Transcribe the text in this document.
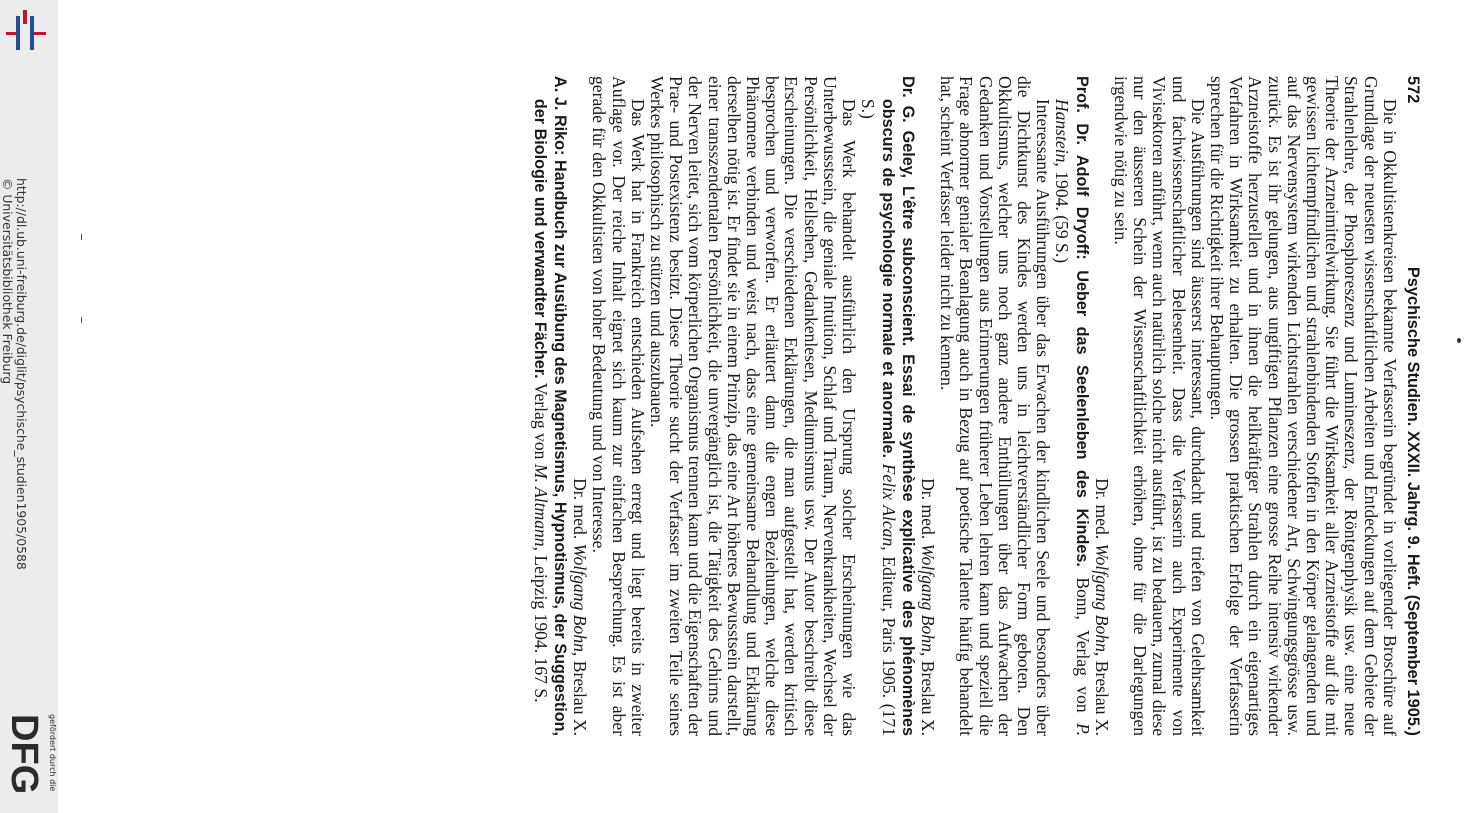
http://dl.ub.uni-freiburg.de/diglit/psychische_studien1905/0588
© Universitätsbibliothek Freiburg
gefördert durch die
DFG
572
Psychische Studien. XXXII. Jahrg. 9. Heft. (September 1905.)

Die in Okkultistenkreisen bekannte Verfasserin begründet in vorliegender Broschüre auf Grundlage der neuesten wissenschaftlichen Arbeiten und Entdeckungen auf dem Gebiete der Strahlenlehre, der Phosphoreszenz und Lumineszenz, der Röntgenphysik usw. eine neue Theorie der Arzneimittelwirkung. Sie führt die Wirksamkeit aller Arzneistoffe auf die mit gewissen lichtempfindlichen und strahlenbindenden Stoffen in den Körper gelangenden und auf das Nervensystem wirkenden Lichtstrahlen verschiedener Art, Schwingungsgrösse usw. zurück. Es ist ihr gelungen, aus ungiftigen Pflanzen eine grosse Reihe intensiv wirkender Arzneistoffe herzustellen und in ihnen die heilkräftiger Strahlen durch ein eigenartiges Verfahren in Wirksamkeit zu erhalten. Die grossen praktischen Erfolge der Verfasserin sprechen für die Richtigkeit ihrer Behauptungen.

Die Ausführungen sind äusserst interessant, durchdacht und triefen von Gelehrsamkeit und fachwissenschaftlicher Belesenheit. Dass die Verfasserin auch Experimente von Vivisektoren anführt, wenn auch natürlich solche nicht ausführt, ist zu bedauern, zumal diese nur den äusseren Schein der Wissenschaftlichkeit erhöhen, ohne für die Darlegungen irgendwie nötig zu sein.

Dr. med. Wolfgang Bohn, Breslau X.

Prof. Dr. Adolf Dryoff: Ueber das Seelenleben des Kindes. Bonn, Verlag von P. Hanstein, 1904. (59 S.)

Interessante Ausführungen über das Erwachen der kindlichen Seele und besonders über die Dichtkunst des Kindes werden uns in leichtverständlicher Form geboten. Den Okkultismus, welcher uns noch ganz andere Enthüllungen über das Aufwachen der Gedanken und Vorstellungen aus Erinnerungen früherer Leben lehren kann und speziell die Frage abnormer genialer Beanlagung auch in Bezug auf poetische Talente häufig behandelt hat, scheint Verfasser leider nicht zu kennen.

Dr. med. Wolfgang Bohn, Breslau X.

Dr. G. Geley, L'être subconscient. Essai de synthèse explicative des phénomènes obscurs de psychologie normale et anormale. Felix Alcan, Editeur, Paris 1905. (171 S.)

Das Werk behandelt ausführlich den Ursprung solcher Erscheinungen wie das Unterbewusstsein, die geniale Intuition, Schlaf und Traum, Nervenkrankheiten, Wechsel der Persönlichkeit, Hellsehen, Gedankenlesen, Mediumismus usw. Der Autor beschreibt diese Erscheinungen. Die verschiedenen Erklärungen, die man aufgestellt hat, werden kritisch besprochen und verworfen. Er erläutert dann die engen Beziehungen, welche diese Phänomene verbinden und weist nach, dass eine gemeinsame Behandlung und Erklärung derselben nötig ist. Er findet sie in einem Prinzip, das eine Art höheres Bewusstsein darstellt, einer transszendentalen Persönlichkeit, die unvergänglich ist, die Tätigkeit des Gehirns und der Nerven leitet, sich vom körperlichen Organismus trennen kann und die Eigenschaften der Prae- und Postexistenz besitzt. Diese Theorie sucht der Verfasser im zweiten Teile seines Werkes philosophisch zu stützen und auszubauen.

Das Werk hat in Frankreich entschieden Aufsehen erregt und liegt bereits in zweiter Auflage vor. Der reiche Inhalt eignet sich kaum zur einfachen Besprechung. Es ist aber gerade für den Okkultisten von hoher Bedeutung und von Interesse.

Dr. med. Wolfgang Bohn, Breslau X.

A. J. Riko: Handbuch zur Ausübung des Magnetismus, Hypnotismus, der Suggestion, der Biologie und verwandter Fächer. Verlag von M. Altmann, Leipzig 1904. 167 S.
